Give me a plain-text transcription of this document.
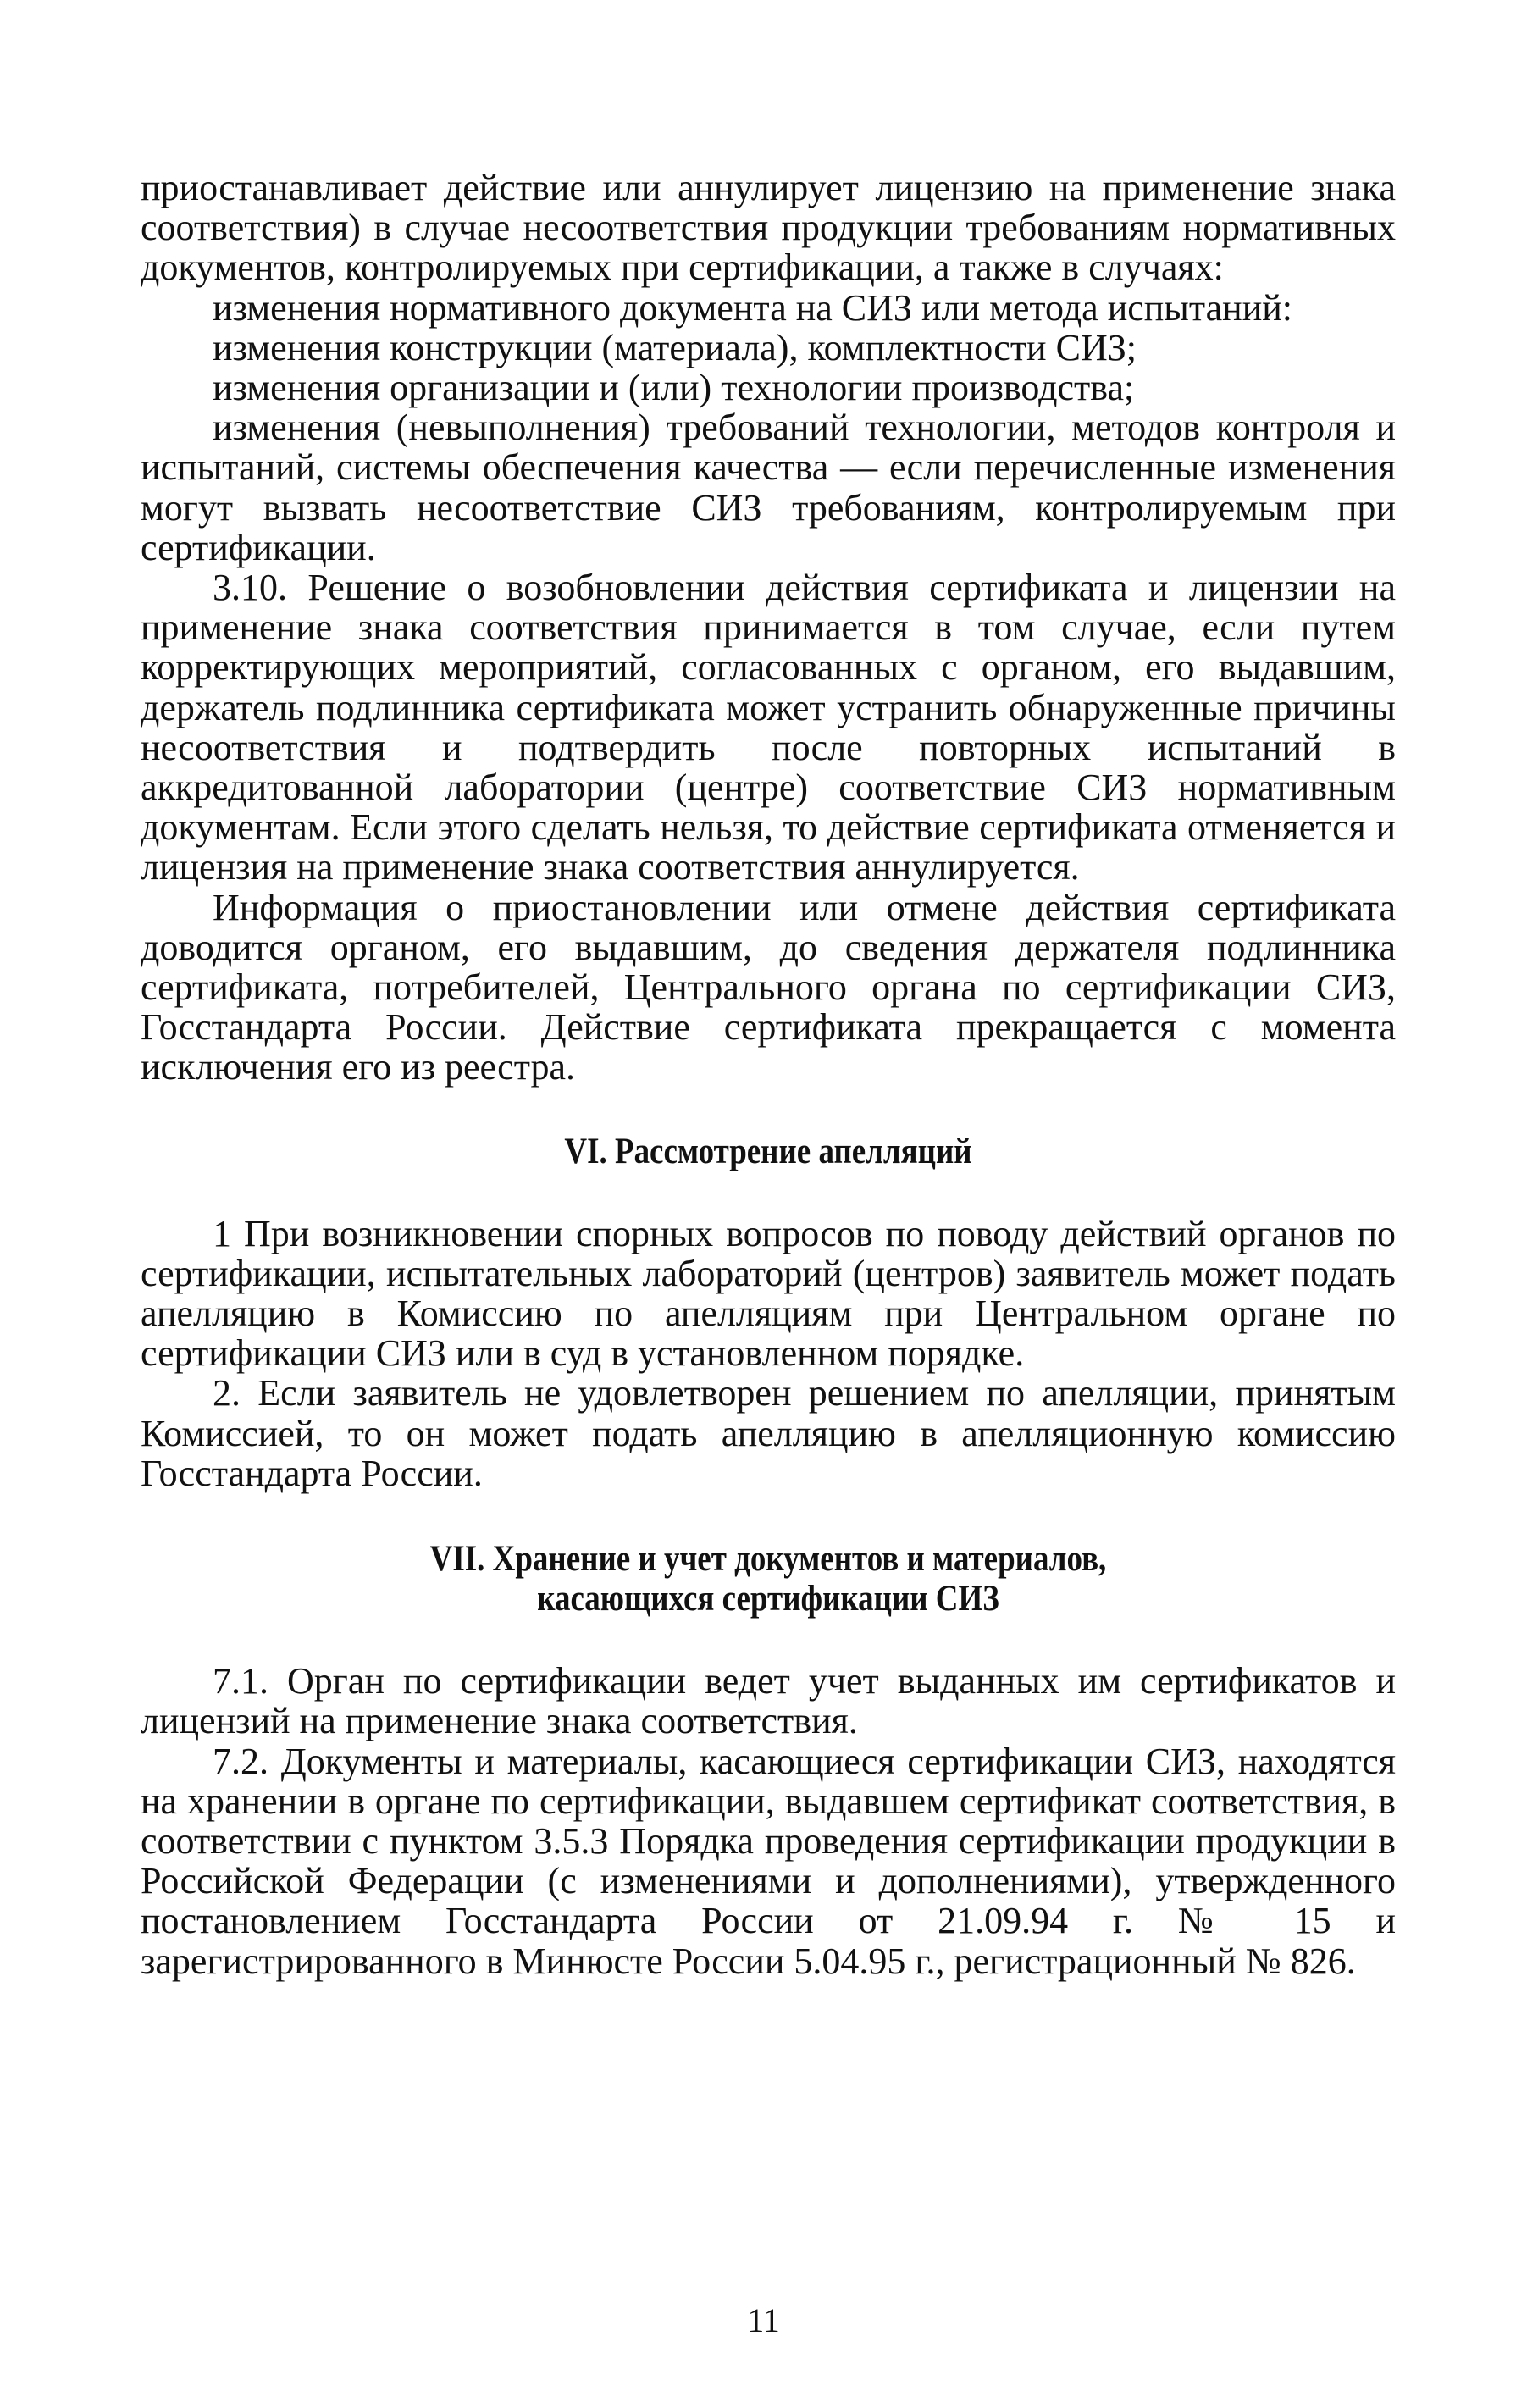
приостанавливает действие или аннулирует лицензию на применение знака соответствия) в случае несоответствия продукции требованиям нормативных документов, контролируемых при сертификации, а также в случаях:

изменения нормативного документа на СИЗ или метода испытаний:

изменения конструкции (материала), комплектности СИЗ;

изменения организации и (или) технологии производства;

изменения (невыполнения) требований технологии, методов контроля и испытаний, системы обеспечения качества — если перечисленные изменения могут вызвать несоответствие СИЗ требованиям, контролируемым при сертификации.

3.10. Решение о возобновлении действия сертификата и лицензии на применение знака соответствия принимается в том случае, если путем корректирующих мероприятий, согласованных с органом, его выдавшим, держатель подлинника сертификата может устранить обнаруженные причины несоответствия и подтвердить после повторных испытаний в аккредитованной лаборатории (центре) соответствие СИЗ нормативным документам. Если этого сделать нельзя, то действие сертификата отменяется и лицензия на применение знака соответствия аннулируется.

Информация о приостановлении или отмене действия сертификата доводится органом, его выдавшим, до сведения держателя подлинника сертификата, потребителей, Центрального органа по сертификации СИЗ, Госстандарта России. Действие сертификата прекращается с момента исключения его из реестра.

VI. Рассмотрение апелляций

1 При возникновении спорных вопросов по поводу действий органов по сертификации, испытательных лабораторий (центров) заявитель может подать апелляцию в Комиссию по апелляциям при Центральном органе по сертификации СИЗ или в суд в установленном порядке.

2. Если заявитель не удовлетворен решением по апелляции, принятым Комиссией, то он может подать апелляцию в апелляционную комиссию Госстандарта России.

VII. Хранение и учет документов и материалов,
касающихся сертификации СИЗ

7.1. Орган по сертификации ведет учет выданных им сертификатов и лицензий на применение знака соответствия.

7.2. Документы и материалы, касающиеся сертификации СИЗ, находятся на хранении в органе по сертификации, выдавшем сертификат соответствия, в соответствии с пунктом 3.5.3 Порядка проведения сертификации продукции в Российской Федерации (с изменениями и дополнениями), утвержденного постановлением Госстандарта России от 21.09.94 г. № 15 и зарегистрированного в Минюсте России 5.04.95 г., регистрационный № 826.

11
